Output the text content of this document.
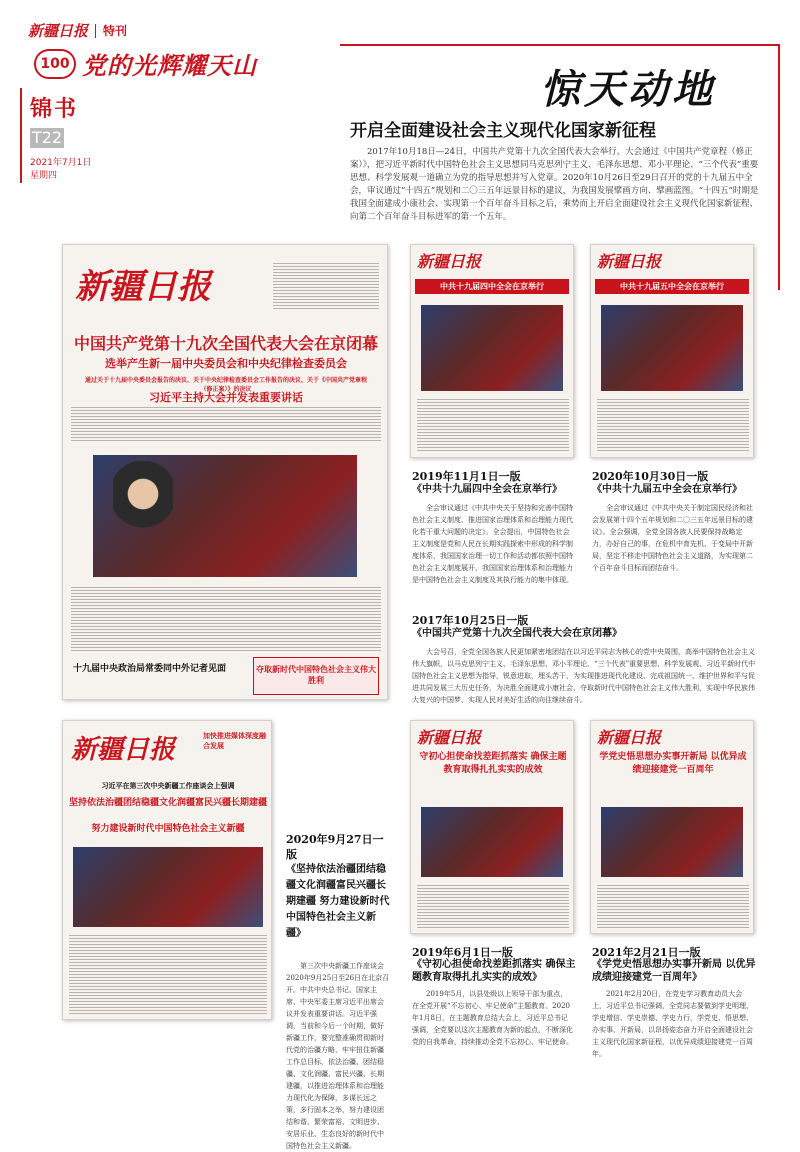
新疆日报 特刊
100 党的光辉耀天山
锦书
T22
2021年7月1日
星期四
惊天动地
开启全面建设社会主义现代化国家新征程
2017年10月18日—24日，中国共产党第十九次全国代表大会举行。大会通过《中国共产党章程（修正案）》，把习近平新时代中国特色社会主义思想同马克思列宁主义、毛泽东思想、邓小平理论、“三个代表”重要思想、科学发展观一道确立为党的指导思想并写入党章。2020年10月26日至29日召开的党的十九届五中全会，审议通过“十四五”规划和二〇三五年远景目标的建议，为我国发展擘画方向、擘画蓝图。“十四五”时期是我国全面建成小康社会、实现第一个百年奋斗目标之后，乘势而上开启全面建设社会主义现代化国家新征程、向第二个百年奋斗目标进军的第一个五年。
新疆日报
中国共产党第十九次全国代表大会在京闭幕
选举产生新一届中央委员会和中央纪律检查委员会
通过关于十九届中央委员会报告的决议、关于中央纪律检查委员会工作报告的决议、关于《中国共产党章程（修正案）》的决议
习近平主持大会并发表重要讲话
十九届中央政治局常委同中外记者见面	夺取新时代中国特色社会主义伟大胜利
新疆日报
中共十九届四中全会在京举行
新疆日报
中共十九届五中全会在京举行
新疆日报	加快推进媒体深度融合发展
习近平在第三次中央新疆工作座谈会上强调
坚持依法治疆团结稳疆文化润疆富民兴疆长期建疆
努力建设新时代中国特色社会主义新疆
新疆日报
守初心担使命找差距抓落实 确保主题教育取得扎扎实实的成效
新疆日报
学党史悟思想办实事开新局 以优异成绩迎接建党一百周年
2019年11月1日一版
《中共十九届四中全会在京举行》
全会审议通过《中共中央关于坚持和完善中国特色社会主义制度、推进国家治理体系和治理能力现代化若干重大问题的决定》。全会提出，中国特色社会主义制度是党和人民在长期实践探索中形成的科学制度体系，我国国家治理一切工作和活动都依照中国特色社会主义制度展开，我国国家治理体系和治理能力是中国特色社会主义制度及其执行能力的集中体现。
2020年10月30日一版
《中共十九届五中全会在京举行》
全会审议通过《中共中央关于制定国民经济和社会发展第十四个五年规划和二〇三五年远景目标的建议》。全会强调，全党全国各族人民要保持战略定力，办好自己的事，在危机中育先机、于变局中开新局，坚定不移走中国特色社会主义道路，为实现第二个百年奋斗目标而团结奋斗。
2017年10月25日一版
《中国共产党第十九次全国代表大会在京闭幕》
大会号召，全党全国各族人民更加紧密地团结在以习近平同志为核心的党中央周围，高举中国特色社会主义伟大旗帜，以马克思列宁主义、毛泽东思想、邓小平理论、“三个代表”重要思想、科学发展观、习近平新时代中国特色社会主义思想为指导，锐意进取，埋头苦干，为实现推进现代化建设、完成祖国统一、维护世界和平与促进共同发展三大历史任务，为决胜全面建成小康社会、夺取新时代中国特色社会主义伟大胜利，实现中华民族伟大复兴的中国梦、实现人民对美好生活的向往继续奋斗。
2020年9月27日一版
《坚持依法治疆团结稳疆文化润疆富民兴疆长期建疆 努力建设新时代中国特色社会主义新疆》
第三次中央新疆工作座谈会2020年9月25日至26日在北京召开。中共中央总书记、国家主席、中央军委主席习近平出席会议并发表重要讲话。习近平强调，当前和今后一个时期，做好新疆工作，要完整准确贯彻新时代党的治疆方略，牢牢扭住新疆工作总目标，依法治疆、团结稳疆、文化润疆、富民兴疆、长期建疆，以推进治理体系和治理能力现代化为保障，多谋长远之策，多行固本之举，努力建设团结和谐、繁荣富裕、文明进步、安居乐业、生态良好的新时代中国特色社会主义新疆。
2019年6月1日一版
《守初心担使命找差距抓落实 确保主题教育取得扎扎实实的成效》
2019年5月，以县处级以上领导干部为重点，在全党开展“不忘初心、牢记使命”主题教育。2020年1月8日，在主题教育总结大会上，习近平总书记强调，全党要以这次主题教育为新的起点，不断深化党的自我革命，持续推动全党不忘初心、牢记使命。
2021年2月21日一版
《学党史悟思想办实事开新局 以优异成绩迎接建党一百周年》
2021年2月20日，在党史学习教育动员大会上，习近平总书记强调，全党同志要做到学史明理、学史增信、学史崇德、学史力行，学党史、悟思想、办实事、开新局，以昂扬姿态奋力开启全面建设社会主义现代化国家新征程，以优异成绩迎接建党一百周年。
